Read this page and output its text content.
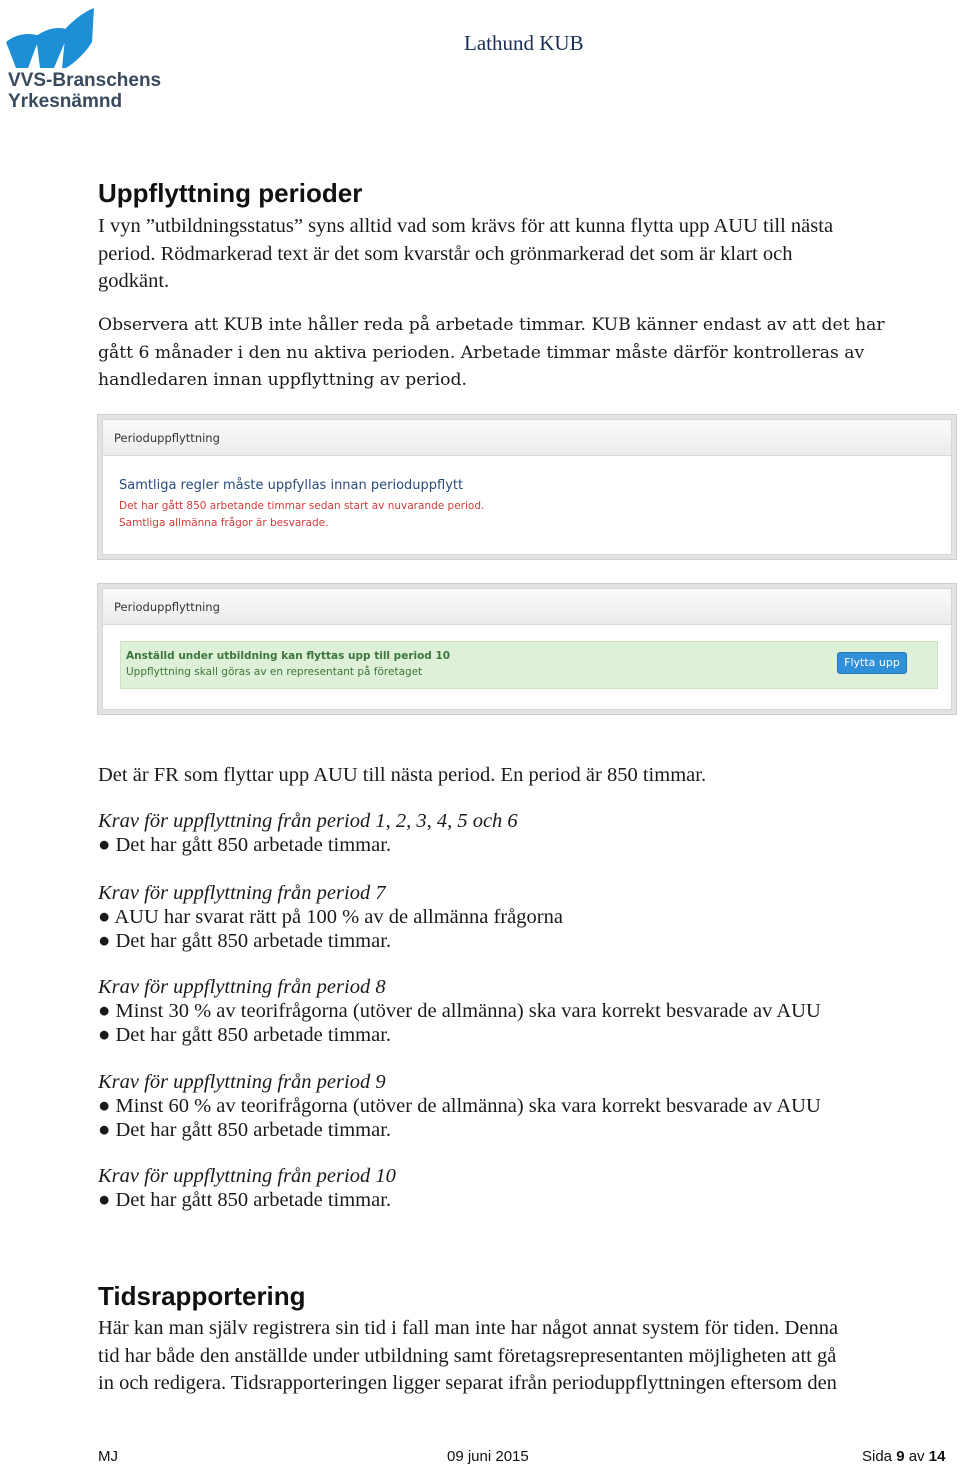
VVS-Branschens
Yrkesnämnd
Lathund KUB
Uppflyttning perioder
I vyn ”utbildningsstatus” syns alltid vad som krävs för att kunna flytta upp AUU till nästa
period. Rödmarkerad text är det som kvarstår och grönmarkerad det som är klart och
godkänt.
Observera att KUB inte håller reda på arbetade timmar. KUB känner endast av att det har
gått 6 månader i den nu aktiva perioden. Arbetade timmar måste därför kontrolleras av
handledaren innan uppflyttning av period.
Perioduppflyttning
Samtliga regler måste uppfyllas innan perioduppflytt
Det har gått 850 arbetande timmar sedan start av nuvarande period.
Samtliga allmänna frågor är besvarade.
Perioduppflyttning
Anställd under utbildning kan flyttas upp till period 10
Uppflyttning skall göras av en representant på företaget
Flytta upp
Det är FR som flyttar upp AUU till nästa period. En period är 850 timmar.
Krav för uppflyttning från period 1, 2, 3, 4, 5 och 6
● Det har gått 850 arbetade timmar.
Krav för uppflyttning från period 7
● AUU har svarat rätt på 100 % av de allmänna frågorna
● Det har gått 850 arbetade timmar.
Krav för uppflyttning från period 8
● Minst 30 % av teorifrågorna (utöver de allmänna) ska vara korrekt besvarade av AUU
● Det har gått 850 arbetade timmar.
Krav för uppflyttning från period 9
● Minst 60 % av teorifrågorna (utöver de allmänna) ska vara korrekt besvarade av AUU
● Det har gått 850 arbetade timmar.
Krav för uppflyttning från period 10
● Det har gått 850 arbetade timmar.
Tidsrapportering
Här kan man själv registrera sin tid i fall man inte har något annat system för tiden. Denna
tid har både den anställde under utbildning samt företagsrepresentanten möjligheten att gå
in och redigera. Tidsrapporteringen ligger separat ifrån perioduppflyttningen eftersom den
MJ	09 juni 2015	Sida 9 av 14
